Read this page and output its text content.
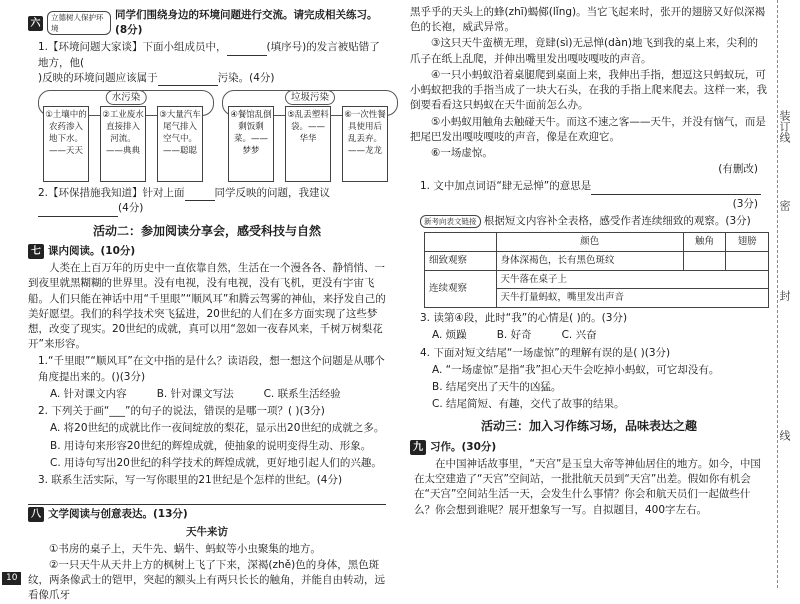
六	立德树人保护环境
同学们围绕身边的环境问题进行交流。请完成相关练习。(8分)
1.【环境问题大家谈】下面小组成员中，	(填序号)的发言被贴错了地方，他(
)反映的环境问题应该属于	污染。(4分)
水污染	垃圾污染
①土壤中的农药渗入地下水。——天天
②工业废水直接排入河流。——典典
③大量汽车尾气排入空气中。——聪聪
④餐馆乱倒剩饭剩菜。——梦梦
⑤乱丢塑料袋。——华华
⑥一次性餐具使用后乱丢弃。——龙龙
2.【环保措施我知道】针对上面	同学反映的问题，我建议(4分)
活动二：参加阅读分享会，感受科技与自然
七 课内阅读。(10分)
人类在上百万年的历史中一直依靠自然，生活在一个漫各各、静悄悄、一到夜里就黑糊糊的世界里。没有电视，没有电视，没有飞机，更没有宇宙飞船。人们只能在神话中用“千里眼”“顺风耳”和腾云驾雾的神仙，来抒发自己的美好愿望。我们的科学技术突飞猛进，20世纪的人们在多方面实现了这些梦想，改变了现实。20世纪的成就，真可以用“忽如一夜春风来，千树万树梨花开”来形容。
1.“千里眼”“顺风耳”在文中指的是什么？读语段，想一想这个问题是从哪个角度提出来的。()(3分)
A. 针对课文内容	B. 针对课文写法	C. 联系生活经验
2. 下列关于画“___”的句子的说法，错误的是哪一项？( )(3分)
A. 将20世纪的成就比作一夜间绽放的梨花，显示出20世纪的成就之多。
B. 用诗句来形容20世纪的辉煌成就，使抽象的说明变得生动、形象。
C. 用诗句写出20世纪的科学技术的辉煌成就，更好地引起人们的兴趣。
3. 联系生活实际，写一写你眼里的21世纪是个怎样的世纪。(4分)
八 文学阅读与创意表达。(13分)
天牛来访
①书房的桌子上，天牛先、蜗牛、蚂蚁等小虫聚集的地方。
②一只天牛从天井上方的枫树上飞了下来，深褐(zhě)色的身体，黑色斑纹，两条像武士的铠甲，突起的额头上有两只长长的触角，并能自由转动，远看像爪牙
10
黑乎乎的天头上的蜂(zhī)蝎鄇(lǐng)。当它飞起来时，张开的翅膀又好似深褐色的长袍，威武异常。
③这只天牛蛮横无理，竟肆(sì)无忌惮(dàn)地飞到我的桌上来，尖利的爪子在纸上乱爬，并伸出嘴里发出嘎吱嘎吱的声音。
④一只小蚂蚁沿着桌腿爬到桌面上来，我伸出手指，想逗这只蚂蚁玩，可小蚂蚁把我的手指当成了一块大石头，在我的手指上爬来爬去。这样一来，我倒要看看这只蚂蚁在天牛面前怎么办。
⑤小蚂蚁用触角去触碰天牛。而这不速之客——天牛，并没有恼气，而是把尾巴发出嘎吱嘎吱的声音，像是在欢迎它。
⑥一场虚惊。
(有删改)
1. 文中加点词语“肆无忌惮”的意思是
(3分)
新考向表文链接 根据短文内容补全表格，感受作者连续细致的观察。(3分)
	颜色	触角	翅膀
细致观察	身体深褐色，长有黑色斑纹		
连续观察	天牛落在桌子上		
	天牛打量蚂蚁，嘴里发出声音		
3. 读第④段，此时“我”的心情是( )的。(3分)
A. 烦躁	B. 好奇	C. 兴奋
4. 下面对短文结尾“一场虚惊”的理解有误的是( )(3分)
A. “一场虚惊”是指“我”担心天牛会吃掉小蚂蚁，可它却没有。
B. 结尾突出了天牛的凶猛。
C. 结尾简短、有趣，交代了故事的结果。
活动三：加入习作练习场，品味表达之趣
九 习作。(30分)
在中国神话故事里，“天宫”是玉皇大帝等神仙居住的地方。如今，中国在太空建造了“天宫”空间站，一批批航天员到“天宫”出差。假如你有机会在“天宫”空间站生活一天，会发生什么事情？你会和航天员们一起做些什么？你会想到谁呢？展开想象写一写。自拟题目，400字左右。
装订线
密
封
线
